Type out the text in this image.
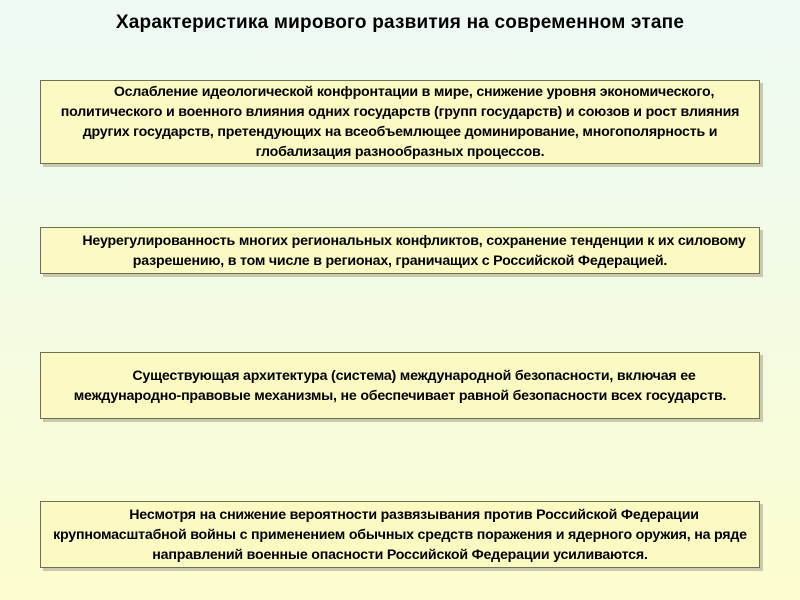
Характеристика мирового развития на современном этапе

Ослабление идеологической конфронтации в мире, снижение уровня экономического, политического и военного влияния одних государств (групп государств) и союзов и рост влияния других государств, претендующих на всеобъемлющее доминирование, многополярность и глобализация разнообразных процессов.

Неурегулированность многих региональных конфликтов, сохранение тенденции к их силовому разрешению, в том числе в регионах, граничащих с Российской Федерацией.

Существующая архитектура (система) международной безопасности, включая ее международно-правовые механизмы, не обеспечивает равной безопасности всех государств.

Несмотря на снижение вероятности развязывания против Российской Федерации крупномасштабной войны с применением обычных средств поражения и ядерного оружия, на ряде направлений военные опасности Российской Федерации усиливаются.
